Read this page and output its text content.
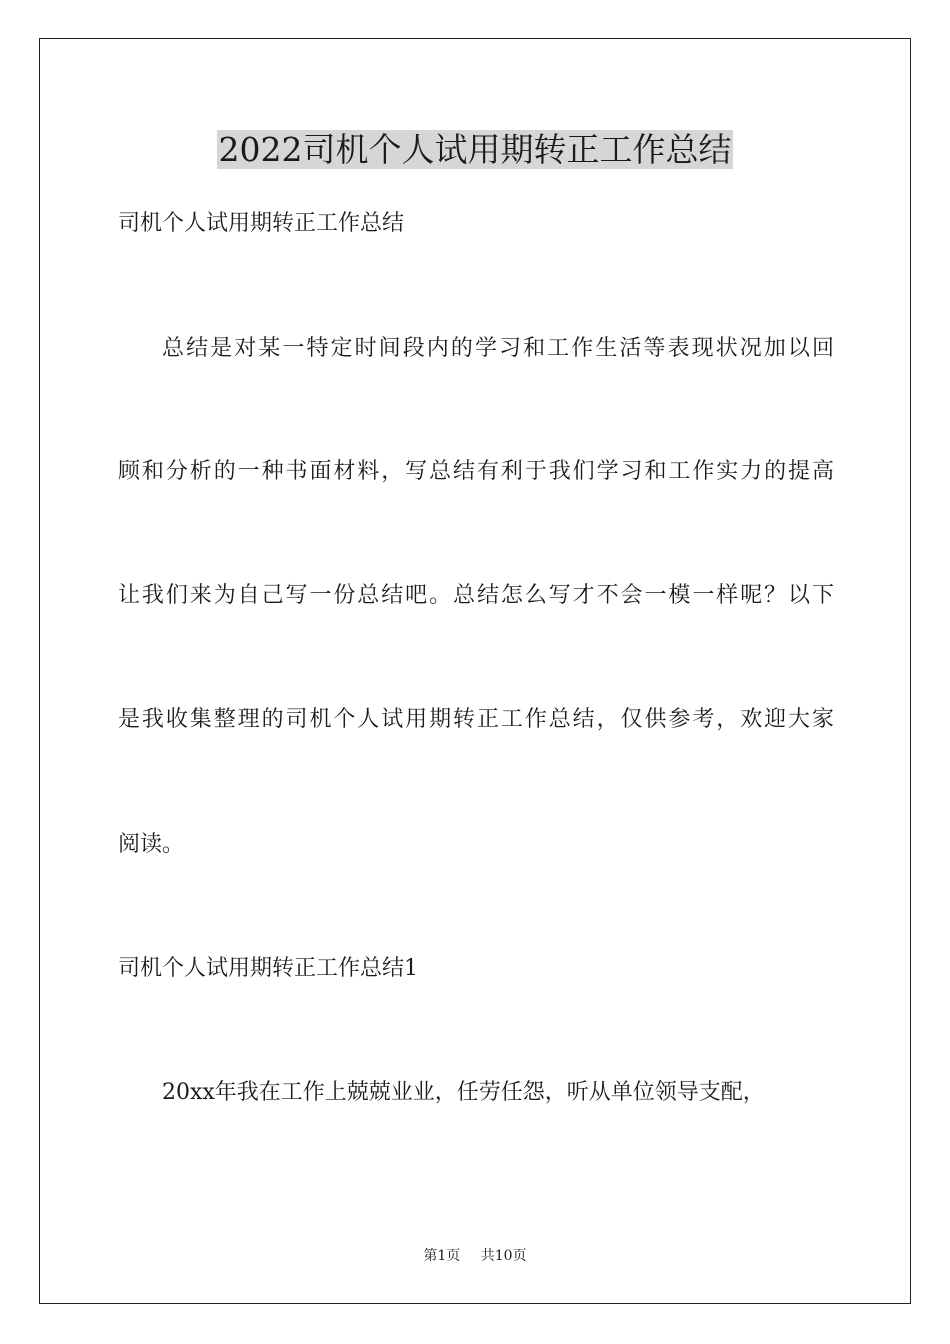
2022司机个人试用期转正工作总结
司机个人试用期转正工作总结
总结是对某一特定时间段内的学习和工作生活等表现状况加以回
顾和分析的一种书面材料，写总结有利于我们学习和工作实力的提高
让我们来为自己写一份总结吧。总结怎么写才不会一模一样呢？以下
是我收集整理的司机个人试用期转正工作总结，仅供参考，欢迎大家
阅读。
司机个人试用期转正工作总结1
20xx年我在工作上兢兢业业，任劳任怨，听从单位领导支配，
第1页 共10页
